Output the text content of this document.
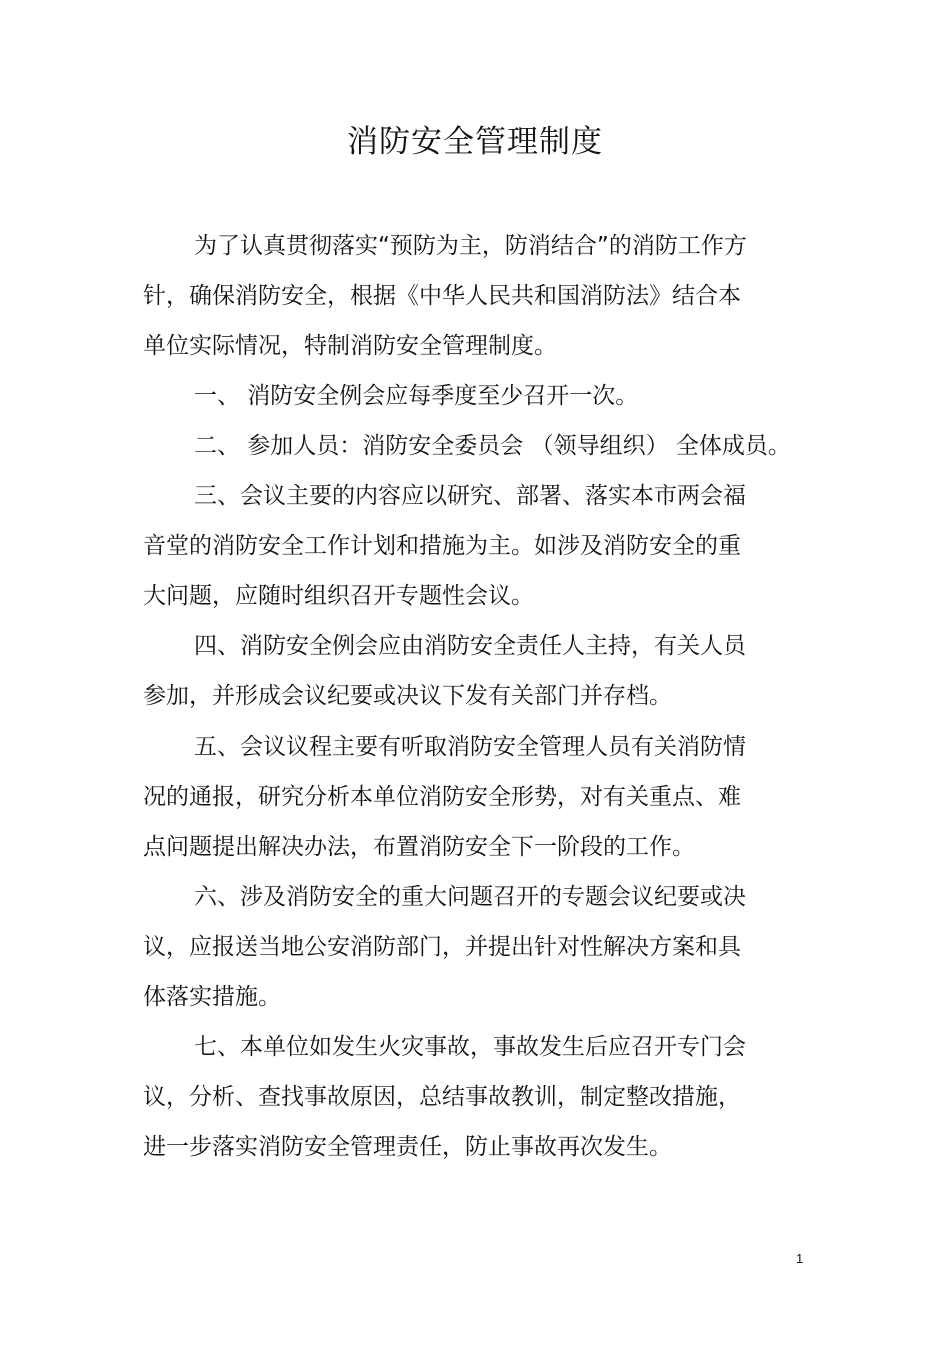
消防安全管理制度
为了认真贯彻落实“预防为主，防消结合”的消防工作方
针，确保消防安全，根据《中华人民共和国消防法》结合本
单位实际情况，特制消防安全管理制度。
一、 消防安全例会应每季度至少召开一次。
二、 参加人员：消防安全委员会 （领导组织） 全体成员。
三、会议主要的内容应以研究、部署、落实本市两会福
音堂的消防安全工作计划和措施为主。如涉及消防安全的重
大问题，应随时组织召开专题性会议。
四、消防安全例会应由消防安全责任人主持，有关人员
参加，并形成会议纪要或决议下发有关部门并存档。
五、会议议程主要有听取消防安全管理人员有关消防情
况的通报，研究分析本单位消防安全形势，对有关重点、难
点问题提出解决办法，布置消防安全下一阶段的工作。
六、涉及消防安全的重大问题召开的专题会议纪要或决
议，应报送当地公安消防部门，并提出针对性解决方案和具
体落实措施。
七、本单位如发生火灾事故，事故发生后应召开专门会
议，分析、查找事故原因，总结事故教训，制定整改措施，
进一步落实消防安全管理责任，防止事故再次发生。
1
